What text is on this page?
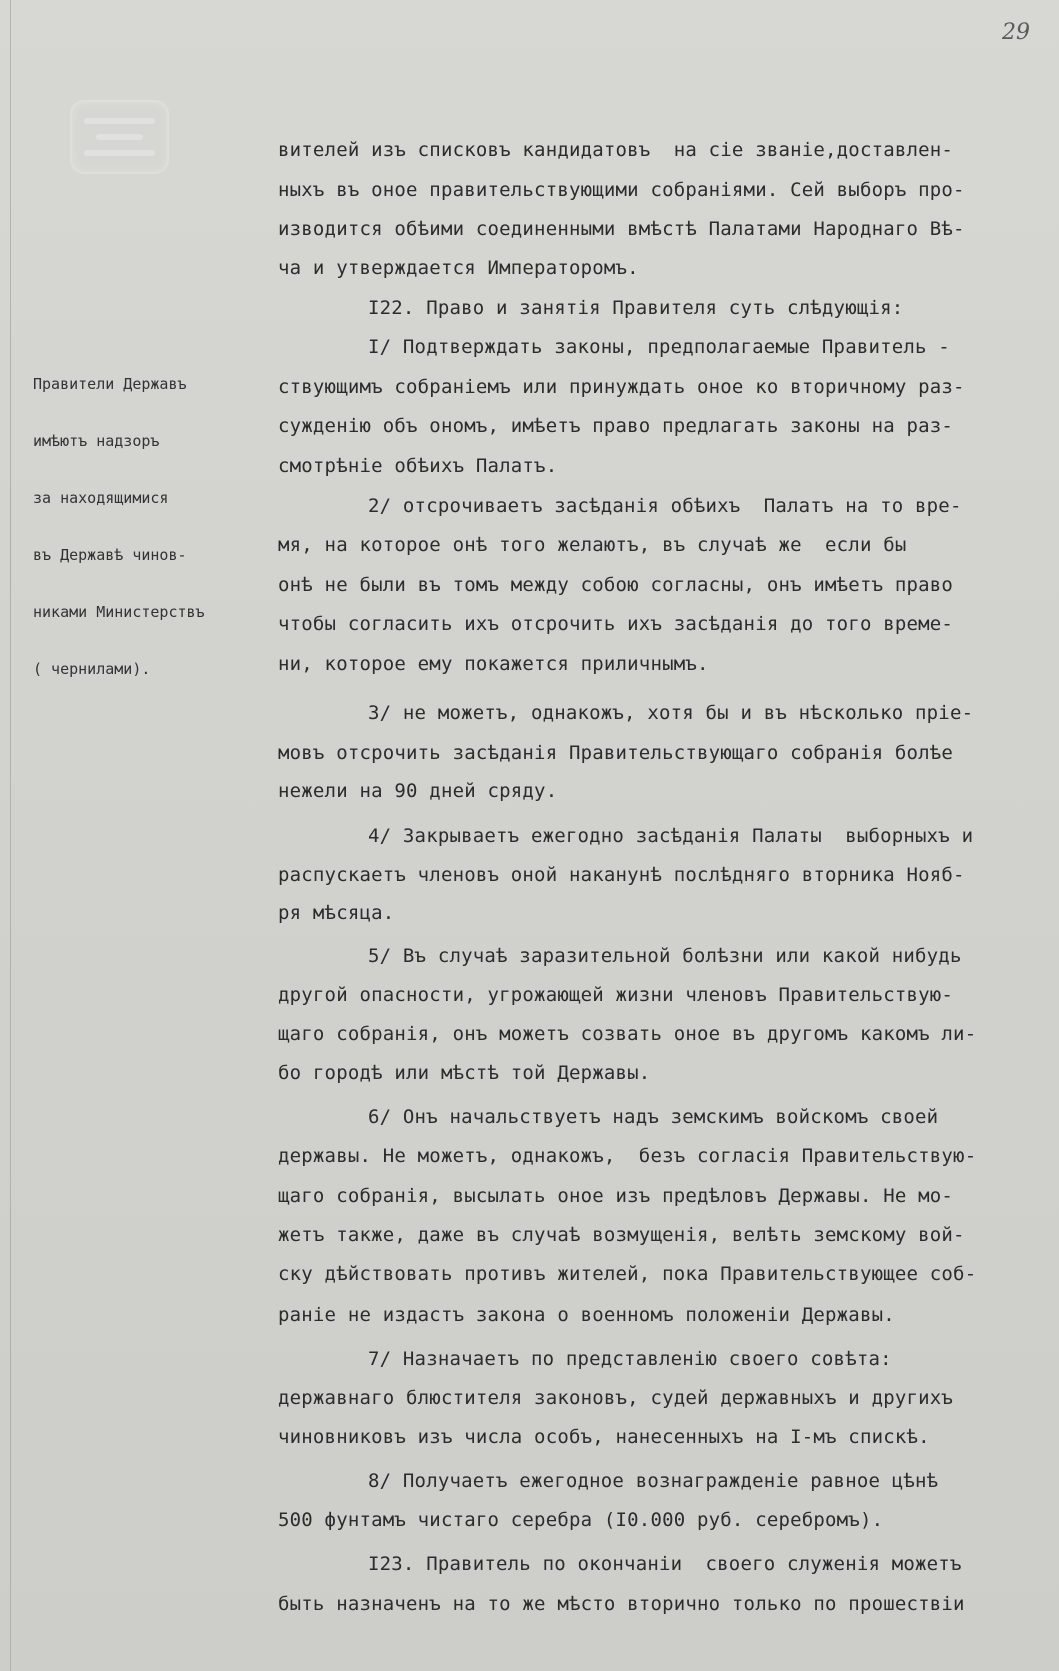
29

Правители Державъ

имѣютъ надзоръ

за находящимися

въ Державѣ чинов-

никами Министерствъ

( чернилами).

вителей изъ списковъ кандидатовъ  на сіе званіе,доставлен-
ныхъ въ оное правительствующими собраніями. Сей выборъ про-
изводится обѣими соединенными вмѣстѣ Палатами Народнаго Вѣ-
ча и утверждается Императоромъ.
I22. Право и занятія Правителя суть слѣдующія:
I/ Подтверждать законы, предполагаемые Правитель -
ствующимъ собраніемъ или принуждать оное ко вторичному раз-
сужденію объ ономъ, имѣетъ право предлагать законы на раз-
смотрѣніе обѣихъ Палатъ.
2/ отсрочиваетъ засѣданія обѣихъ  Палатъ на то вре-
мя, на которое онѣ того желаютъ, въ случаѣ же  если бы
онѣ не были въ томъ между собою согласны, онъ имѣетъ право
чтобы согласить ихъ отсрочить ихъ засѣданія до того време-
ни, которое ему покажется приличнымъ.
3/ не можетъ, однакожъ, хотя бы и въ нѣсколько пріе-
мовъ отсрочить засѣданія Правительствующаго собранія болѣе
нежели на 90 дней сряду.
4/ Закрываетъ ежегодно засѣданія Палаты  выборныхъ и
распускаетъ членовъ оной наканунѣ послѣдняго вторника Нояб-
ря мѣсяца.
5/ Въ случаѣ заразительной болѣзни или какой нибудь
другой опасности, угрожающей жизни членовъ Правительствую-
щаго собранія, онъ можетъ созвать оное въ другомъ какомъ ли-
бо городѣ или мѣстѣ той Державы.
6/ Онъ начальствуетъ надъ земскимъ войскомъ своей
державы. Не можетъ, однакожъ,  безъ согласія Правительствую-
щаго собранія, высылать оное изъ предѣловъ Державы. Не мо-
жетъ также, даже въ случаѣ возмущенія, велѣть земскому вой-
ску дѣйствовать противъ жителей, пока Правительствующее соб-
раніе не издастъ закона о военномъ положеніи Державы.
7/ Назначаетъ по представленію своего совѣта:
державнаго блюстителя законовъ, судей державныхъ и другихъ
чиновниковъ изъ числа особъ, нанесенныхъ на I-мъ спискѣ.
8/ Получаетъ ежегодное вознагражденіе равное цѣнѣ
500 фунтамъ чистаго серебра (I0.000 руб. серебромъ).
I23. Правитель по окончаніи  своего служенія можетъ
быть назначенъ на то же мѣсто вторично только по прошествіи
